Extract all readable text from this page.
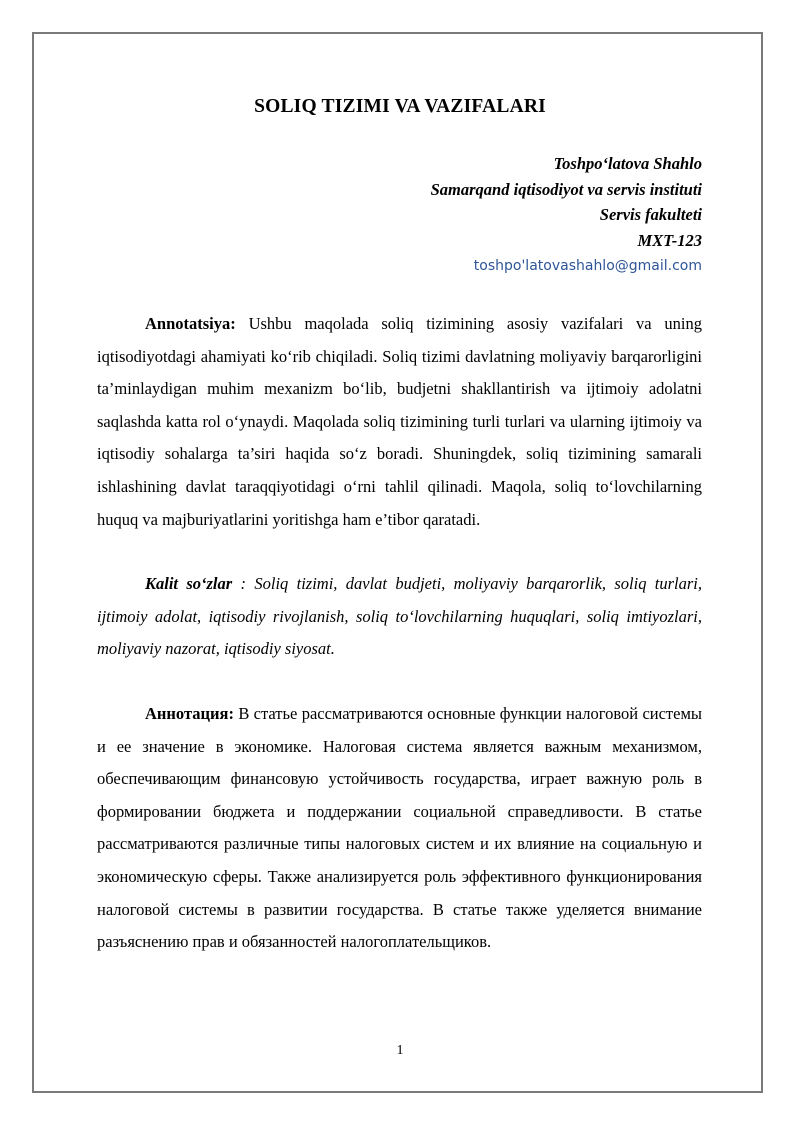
SOLIQ TIZIMI VA VAZIFALARI
Toshpo‘latova Shahlo
Samarqand iqtisodiyot va servis instituti
Servis fakulteti
MXT-123
toshpo'latovashahlo@gmail.com

Annotatsiya: Ushbu maqolada soliq tizimining asosiy vazifalari va uning iqtisodiyotdagi ahamiyati ko‘rib chiqiladi. Soliq tizimi davlatning moliyaviy barqarorligini ta’minlaydigan muhim mexanizm bo‘lib, budjetni shakllantirish va ijtimoiy adolatni saqlashda katta rol o‘ynaydi. Maqolada soliq tizimining turli turlari va ularning ijtimoiy va iqtisodiy sohalarga ta’siri haqida so‘z boradi. Shuningdek, soliq tizimining samarali ishlashining davlat taraqqiyotidagi o‘rni tahlil qilinadi. Maqola, soliq to‘lovchilarning huquq va majburiyatlarini yoritishga ham e’tibor qaratadi.

Kalit so‘zlar : Soliq tizimi, davlat budjeti, moliyaviy barqarorlik, soliq turlari, ijtimoiy adolat, iqtisodiy rivojlanish, soliq to‘lovchilarning huquqlari, soliq imtiyozlari, moliyaviy nazorat, iqtisodiy siyosat.

Аннотация: В статье рассматриваются основные функции налоговой системы и ее значение в экономике. Налоговая система является важным механизмом, обеспечивающим финансовую устойчивость государства, играет важную роль в формировании бюджета и поддержании социальной справедливости. В статье рассматриваются различные типы налоговых систем и их влияние на социальную и экономическую сферы. Также анализируется роль эффективного функционирования налоговой системы в развитии государства. В статье также уделяется внимание разъяснению прав и обязанностей налогоплательщиков.

1
